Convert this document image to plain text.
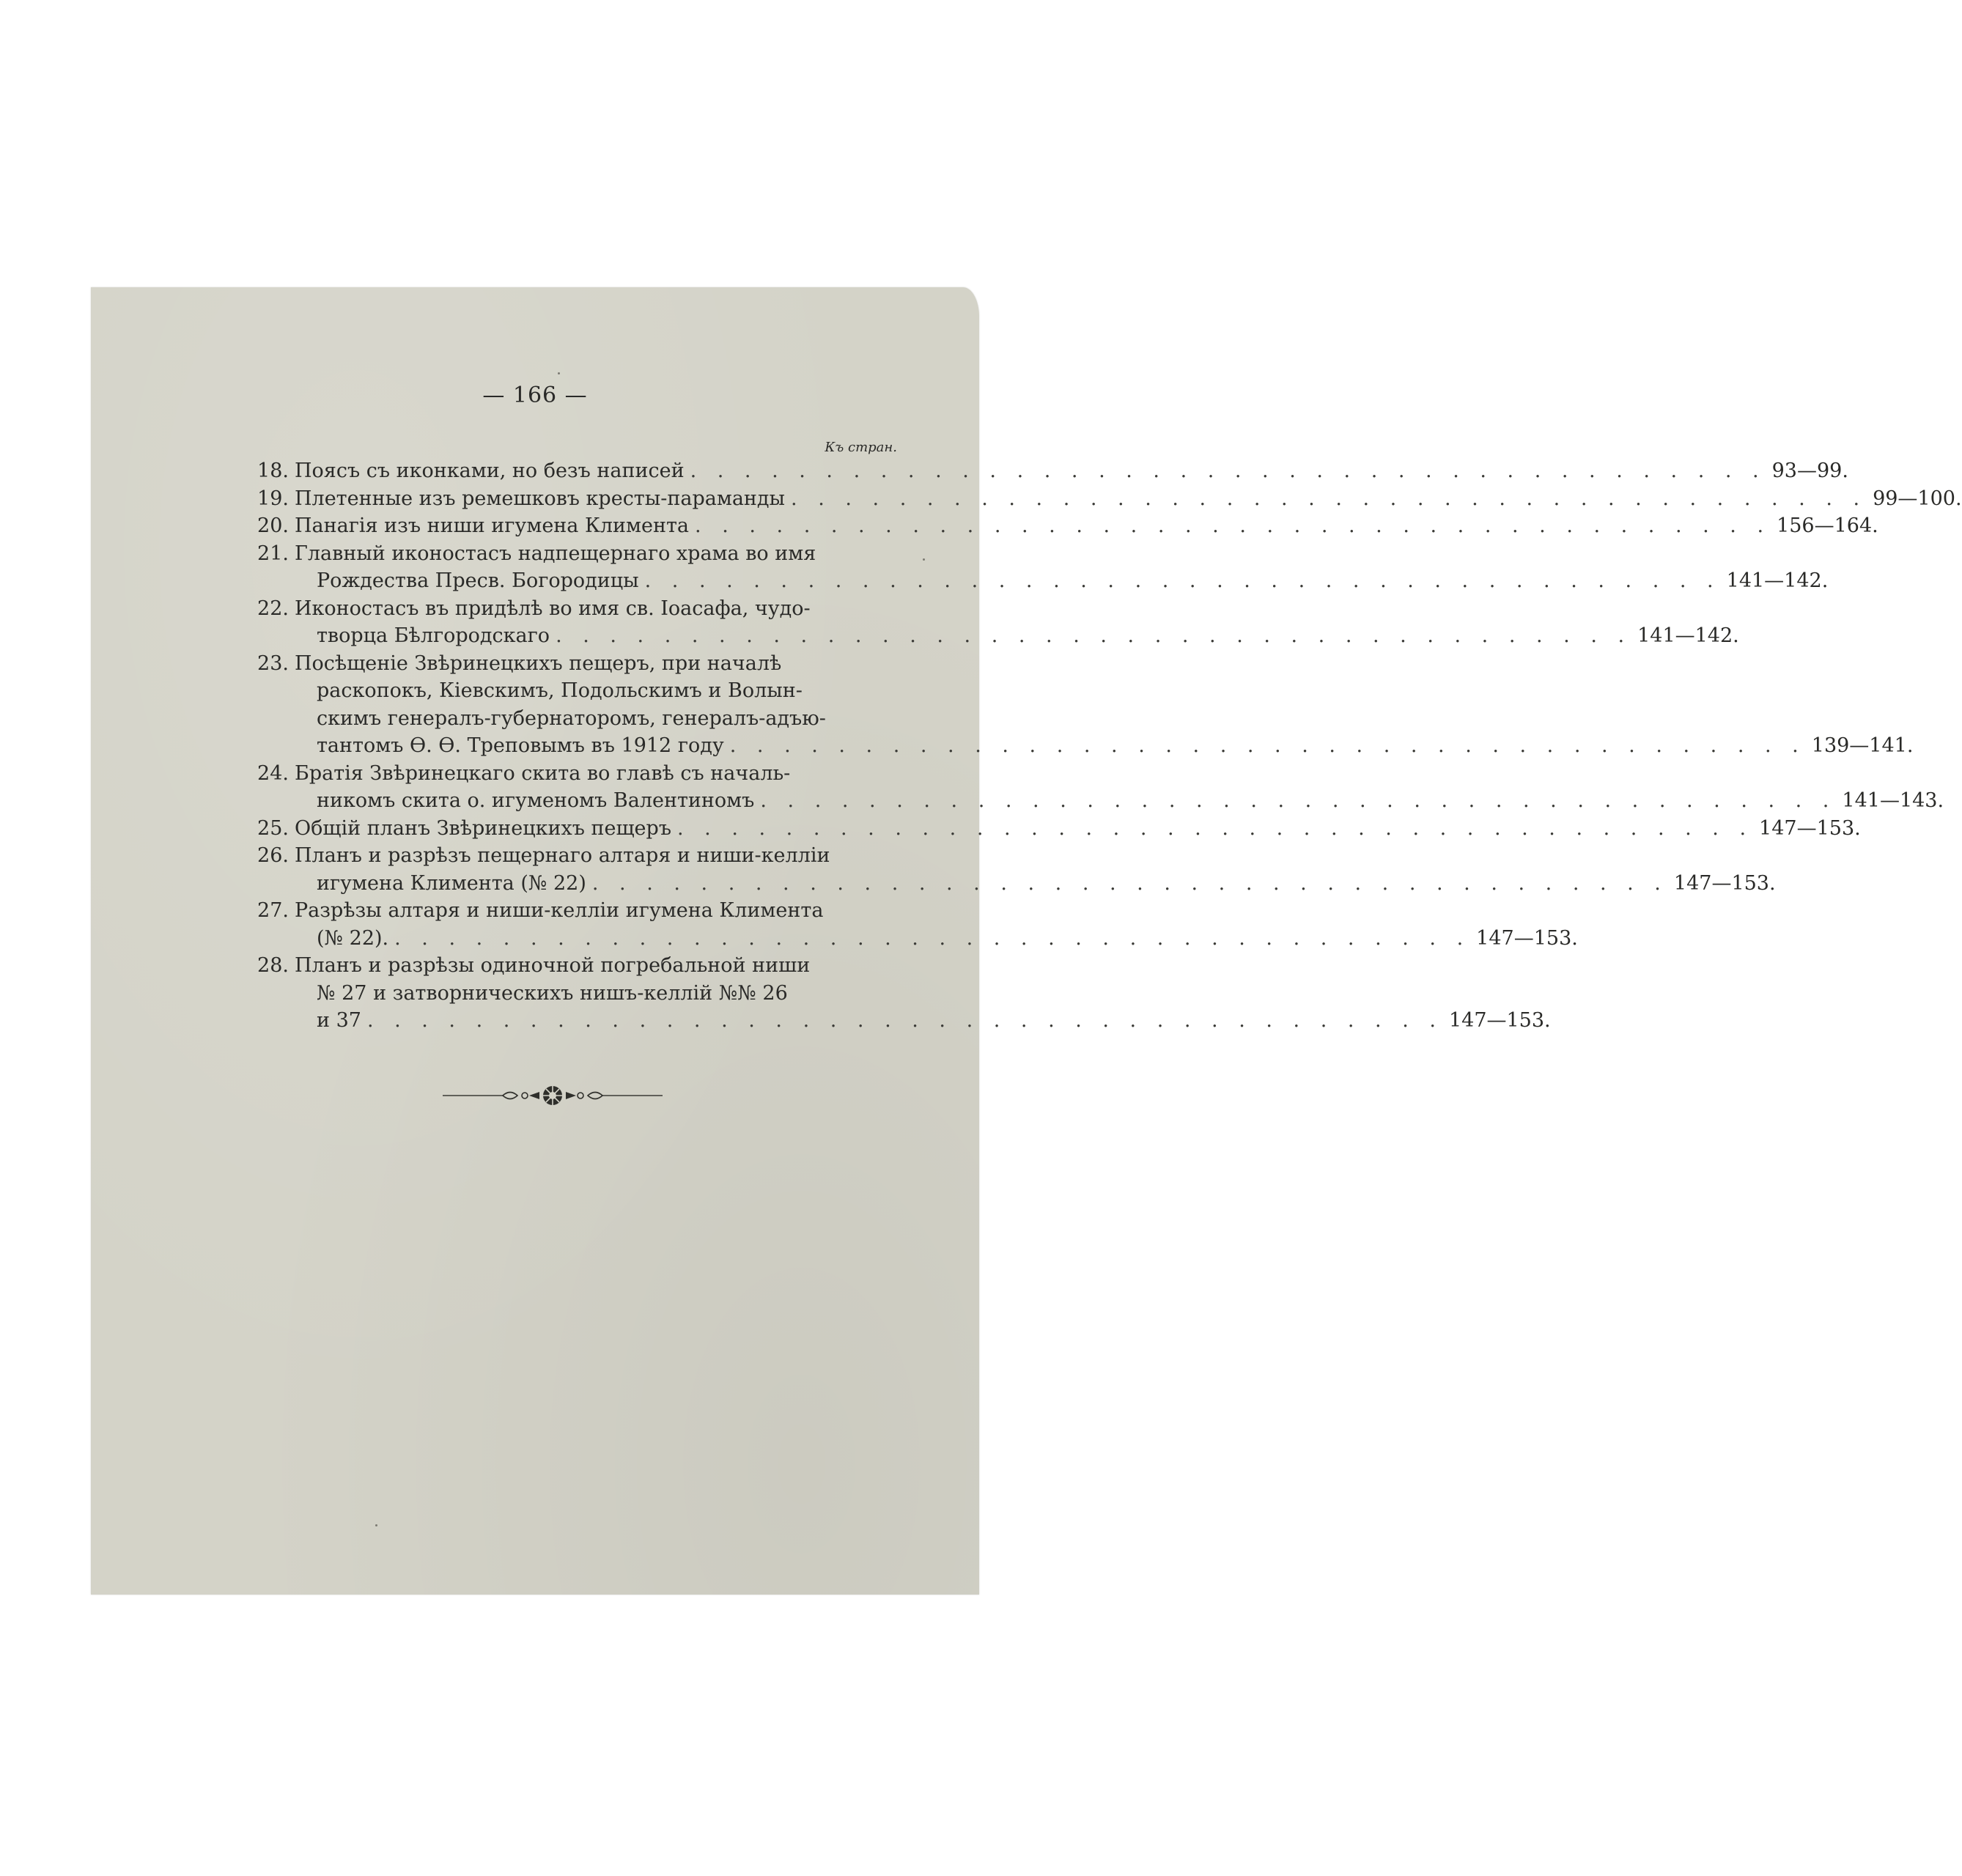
— 166 —
Къ стран.
18. Поясъ съ иконками, но безъ написей . . . . . . . . . . . . . . . . . . . . . . . . . . . . . . . . . . . . . . . . 93—99.
19. Плетенные изъ ремешковъ кресты-параманды . . . . . . . . . . . . . . . . . . . . . . . . . . . . . . . . . . . . . . . . 99—100.
20. Панагія изъ ниши игумена Климента . . . . . . . . . . . . . . . . . . . . . . . . . . . . . . . . . . . . . . . . 156—164.
21. Главный иконостасъ надпещернаго храма во имя
Рождества Пресв. Богородицы . . . . . . . . . . . . . . . . . . . . . . . . . . . . . . . . . . . . . . . . 141—142.
22. Иконостасъ въ придѣлѣ во имя св. Іоасафа, чудо-
творца Бѣлгородскаго . . . . . . . . . . . . . . . . . . . . . . . . . . . . . . . . . . . . . . . . 141—142.
23. Посѣщеніе Звѣринецкихъ пещеръ, при началѣ
раскопокъ, Кіевскимъ, Подольскимъ и Волын-
скимъ генералъ-губернаторомъ, генералъ-адъю-
тантомъ Ѳ. Ѳ. Треповымъ въ 1912 году . . . . . . . . . . . . . . . . . . . . . . . . . . . . . . . . . . . . . . . . 139—141.
24. Братія Звѣринецкаго скита во главѣ съ началь-
никомъ скита о. игуменомъ Валентиномъ . . . . . . . . . . . . . . . . . . . . . . . . . . . . . . . . . . . . . . . . 141—143.
25. Общій планъ Звѣринецкихъ пещеръ . . . . . . . . . . . . . . . . . . . . . . . . . . . . . . . . . . . . . . . . 147—153.
26. Планъ и разрѣзъ пещернаго алтаря и ниши-келліи
игумена Климента (№ 22) . . . . . . . . . . . . . . . . . . . . . . . . . . . . . . . . . . . . . . . . 147—153.
27. Разрѣзы алтаря и ниши-келліи игумена Климента
(№ 22). . . . . . . . . . . . . . . . . . . . . . . . . . . . . . . . . . . . . . . . . 147—153.
28. Планъ и разрѣзы одиночной погребальной ниши
№ 27 и затворническихъ нишъ-келлій №№ 26
и 37 . . . . . . . . . . . . . . . . . . . . . . . . . . . . . . . . . . . . . . . . 147—153.
